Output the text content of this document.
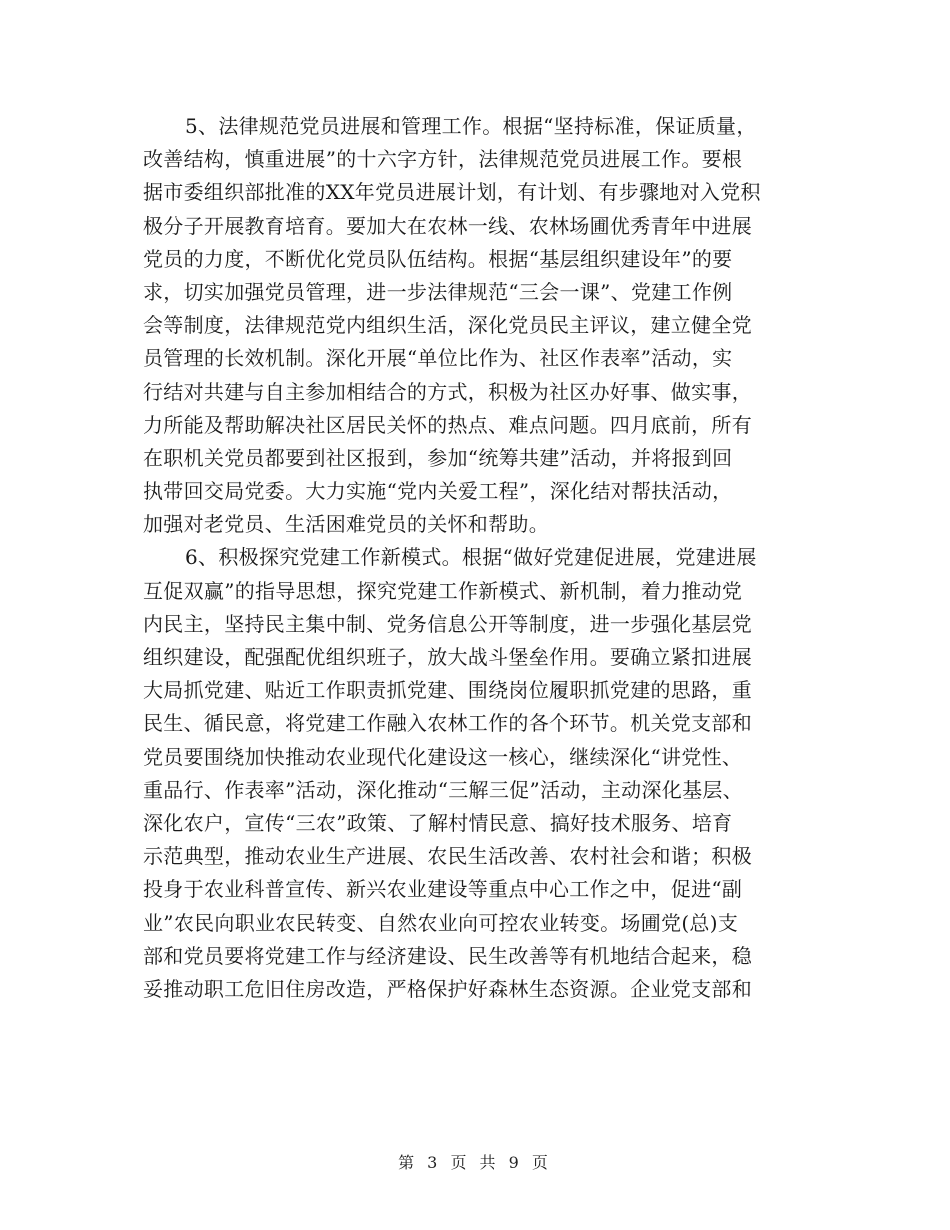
5、法律规范党员进展和管理工作。根据“坚持标准，保证质量，
改善结构，慎重进展”的十六字方针，法律规范党员进展工作。要根
据市委组织部批准的XX年党员进展计划，有计划、有步骤地对入党积
极分子开展教育培育。要加大在农林一线、农林场圃优秀青年中进展
党员的力度，不断优化党员队伍结构。根据“基层组织建设年”的要
求，切实加强党员管理，进一步法律规范“三会一课”、党建工作例
会等制度，法律规范党内组织生活，深化党员民主评议，建立健全党
员管理的长效机制。深化开展“单位比作为、社区作表率”活动，实
行结对共建与自主参加相结合的方式，积极为社区办好事、做实事，
力所能及帮助解决社区居民关怀的热点、难点问题。四月底前，所有
在职机关党员都要到社区报到，参加“统筹共建”活动，并将报到回
执带回交局党委。大力实施“党内关爱工程”，深化结对帮扶活动，
加强对老党员、生活困难党员的关怀和帮助。
6、积极探究党建工作新模式。根据“做好党建促进展，党建进展
互促双赢”的指导思想，探究党建工作新模式、新机制，着力推动党
内民主，坚持民主集中制、党务信息公开等制度，进一步强化基层党
组织建设，配强配优组织班子，放大战斗堡垒作用。要确立紧扣进展
大局抓党建、贴近工作职责抓党建、围绕岗位履职抓党建的思路，重
民生、循民意，将党建工作融入农林工作的各个环节。机关党支部和
党员要围绕加快推动农业现代化建设这一核心，继续深化“讲党性、
重品行、作表率”活动，深化推动“三解三促”活动，主动深化基层、
深化农户，宣传“三农”政策、了解村情民意、搞好技术服务、培育
示范典型，推动农业生产进展、农民生活改善、农村社会和谐；积极
投身于农业科普宣传、新兴农业建设等重点中心工作之中，促进“副
业”农民向职业农民转变、自然农业向可控农业转变。场圃党(总)支
部和党员要将党建工作与经济建设、民生改善等有机地结合起来，稳
妥推动职工危旧住房改造，严格保护好森林生态资源。企业党支部和
第 3 页 共 9 页
